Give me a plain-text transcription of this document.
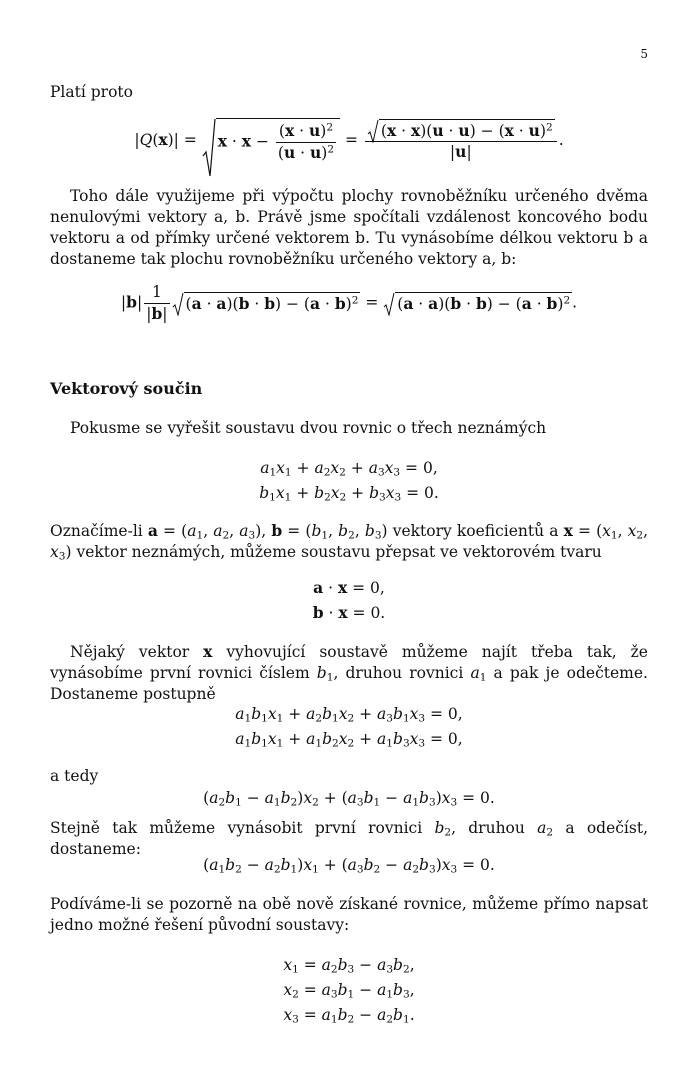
5
Platí proto
|Q(x)| =
$x \cdot x - \frac{(x \cdot u)^2}{(u \cdot u)^2} = \frac{(x \cdot x)(u \cdot u) - (x \cdot u)^2}{|u|}$ .
Toho dále využijeme při výpočtu plochy rovnoběžníku určeného dvěma nenulovými vektory a, b. Právě jsme spočítali vzdálenost koncového bodu vektoru a od přímky určené vektorem b. Tu vynásobíme délkou vektoru b a dostaneme tak plochu rovnoběžníku určeného vektory a, b:
$|b| \frac{1}{|b|} (a \cdot a)(b \cdot b) - (a \cdot b)^2$ =
$(a \cdot a)(b \cdot b) - (a \cdot b)^2$ .
Vektorový součin
Pokusme se vyřešit soustavu dvou rovnic o třech neznámých
$a_1x_1 + a_2x_2 + a_3x_3 = 0$,
$b_1x_1 + b_2x_2 + b_3x_3 = 0$.
Označíme-li $a = (a_1$, $a_2$, $a_3$), $b = (b_1$, $b_2$, $b_3$) vektory koeficientů a $x = (x_1$, $x_2$, $x_3$) vektor neznámých, můžeme soustavu přepsat ve vektorovém tvaru
a · x = 0,
b · x = 0.
Nějaký vektor x vyhovující soustavě můžeme najít třeba tak, že vynásobíme první rovnici číslem $b_1$, druhou rovnici $a_1$ a pak je odečteme. Dostaneme postupně
$a_1b_1x_1 + a_2b_1x_2 + a_3b_1x_3 = 0$,
$a_1b_1x_1 + a_1b_2x_2 + a_1b_3x_3 = 0$,
a tedy
$(a_2b_1 - a_1b_2)x_2 + (a_3b_1 - a_1b_3)x_3 = 0$.
Stejně tak můžeme vynásobit první rovnici $b_2$, druhou $a_2$ a odečíst, dostaneme:
$(a_1b_2 - a_2b_1)x_1 + (a_3b_2 - a_2b_3)x_3 = 0$.
Podíváme-li se pozorně na obě nově získané rovnice, můžeme přímo napsat jedno možné řešení původní soustavy:
$x_1 = a_2b_3 - a_3b_2$,
$x_2 = a_3b_1 - a_1b_3$,
$x_3 = a_1b_2 - a_2b_1$.
